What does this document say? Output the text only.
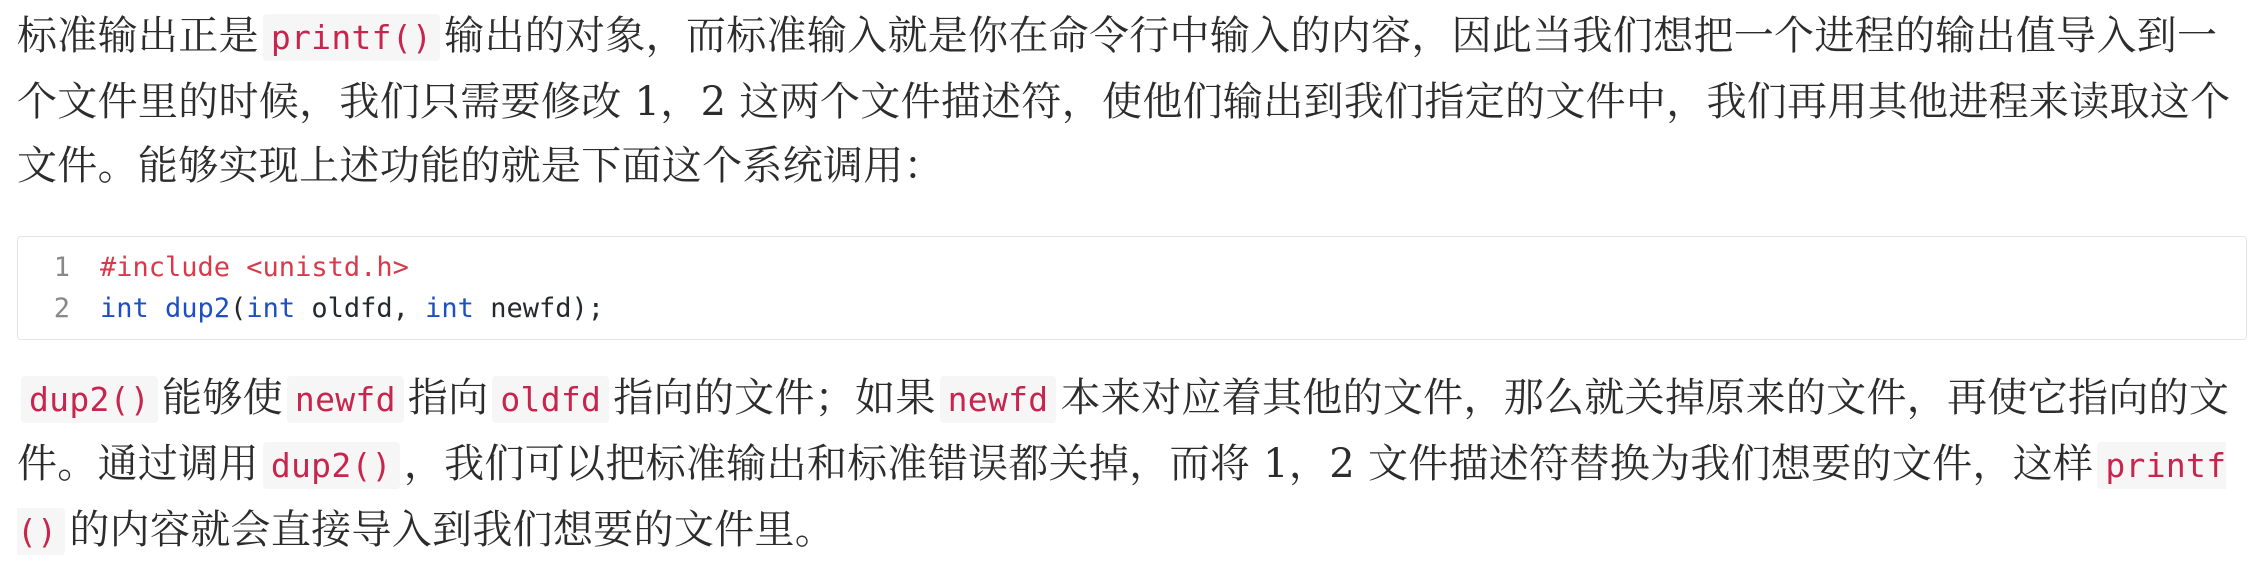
标准输出正是 printf() 输出的对象，而标准输入就是你在命令行中输入的内容，因此当我们想把一个进程的输出值导入到一个文件里的时候，我们只需要修改 1，2 这两个文件描述符，使他们输出到我们指定的文件中，我们再用其他进程来读取这个文件。能够实现上述功能的就是下面这个系统调用：

1	#include <unistd.h>
2	int
dup2 ( int oldfd, int newfd);

dup2() 能够使 newfd 指向 oldfd 指向的文件；如果 newfd 本来对应着其他的文件，那么就关掉原来的文件，再使它指向的文件。通过调用 dup2() ，我们可以把标准输出和标准错误都关掉，而将 1，2 文件描述符替换为我们想要的文件，这样 printf() 的内容就会直接导入到我们想要的文件里。
